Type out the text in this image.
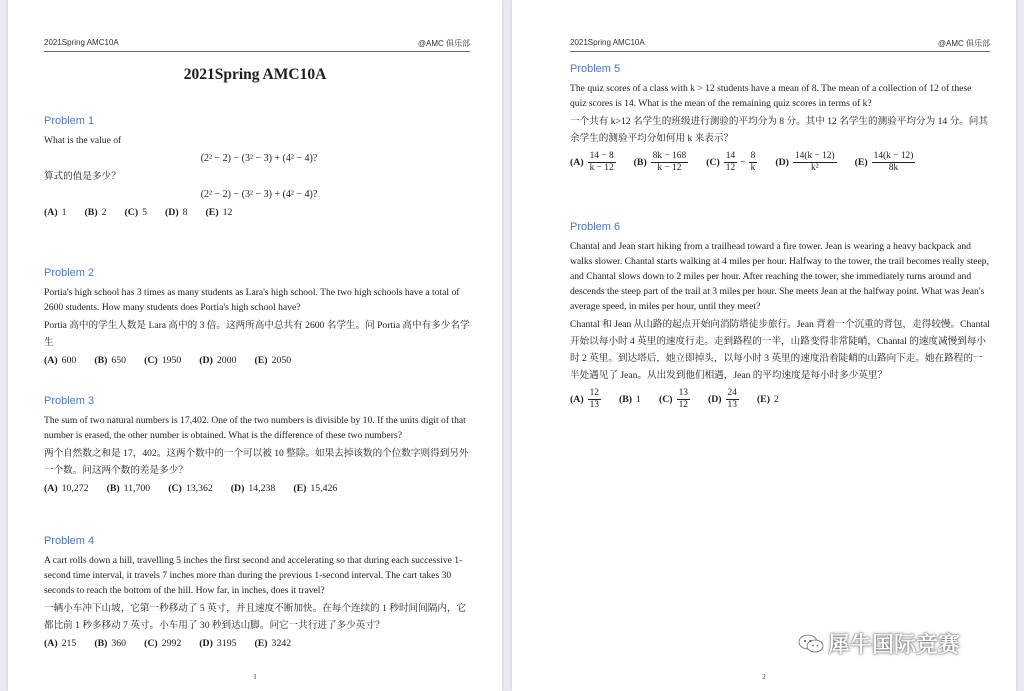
2021Spring AMC10A	@AMC 俱乐部
2021Spring AMC10A
Problem 1

What is the value of

(2² − 2) − (3² − 3) + (4² − 4)?

算式的值是多少？

(2² − 2) − (3² − 3) + (4² − 4)?
(A) 1 (B) 2 (C) 5 (D) 8 (E) 12
Problem 2

Portia's high school has 3 times as many students as Lara's high school. The two high schools have a total of 2600 students. How many students does Portia's high school have?

Portia 高中的学生人数是 Lara 高中的 3 倍。这两所高中总共有 2600 名学生。问 Portia 高中有多少名学生

(A) 600 (B) 650 (C) 1950 (D) 2000 (E) 2050
Problem 3

The sum of two natural numbers is 17,402. One of the two numbers is divisible by 10. If the units digit of that number is erased, the other number is obtained. What is the difference of these two numbers?

两个自然数之和是 17，402。这两个数中的一个可以被 10 整除。如果去掉该数的个位数字则得到另外一个数。问这两个数的差是多少？

(A) 10,272 (B) 11,700 (C) 13,362 (D) 14,238 (E) 15,426
Problem 4

A cart rolls down a hill, travelling 5 inches the first second and accelerating so that during each successive 1-second time interval, it travels 7 inches more than during the previous 1-second interval. The cart takes 30 seconds to reach the bottom of the hill. How far, in inches, does it travel?

一辆小车冲下山坡，它第一秒移动了 5 英寸，并且速度不断加快。在每个连续的 1 秒时间间隔内，它都比前 1 秒多移动 7 英寸。小车用了 30 秒到达山脚。问它一共行进了多少英寸？

(A) 215 (B) 360 (C) 2992 (D) 3195 (E) 3242
1
2021Spring AMC10A	@AMC 俱乐部
Problem 5

The quiz scores of a class with k > 12 students have a mean of 8. The mean of a collection of 12 of these quiz scores is 14. What is the mean of the remaining quiz scores in terms of k?

一个共有 k>12 名学生的班级进行测验的平均分为 8 分。其中 12 名学生的测验平均分为 14 分。问其余学生的测验平均分如何用 k 来表示？

$(A) \frac{14 - 8}{k - 12} (B) \frac{8k - 168}{k - 12} (C) \frac{14}{12} - \frac{8}{k} (D) \frac{14(k - 12)}{\text{k²}} (E) \frac{14(k - 12)}{8k}$
Problem 6

Chantal and Jean start hiking from a trailhead toward a fire tower. Jean is wearing a heavy backpack and walks slower. Chantal starts walking at 4 miles per hour. Halfway to the tower, the trail becomes really steep, and Chantal slows down to 2 miles per hour. After reaching the tower, she immediately turns around and descends the steep part of the trail at 3 miles per hour. She meets Jean at the halfway point. What was Jean's average speed, in miles per hour, until they meet?

Chantal 和 Jean 从山路的起点开始向消防塔徒步旅行。Jean 背着一个沉重的背包，走得较慢。Chantal 开始以每小时 4 英里的速度行走。走到路程的一半，山路变得非常陡峭，Chantal 的速度减慢到每小时 2 英里。到达塔后，她立即掉头，以每小时 3 英里的速度沿着陡峭的山路向下走。她在路程的一半处遇见了 Jean。从出发到他们相遇，Jean 的平均速度是每小时多少英里？

$(A) \frac{12}{13} (B)$ 1 $(C) \frac{13}{12} (D) \frac{24}{13} (E)$ 2
2
犀牛国际竞赛
